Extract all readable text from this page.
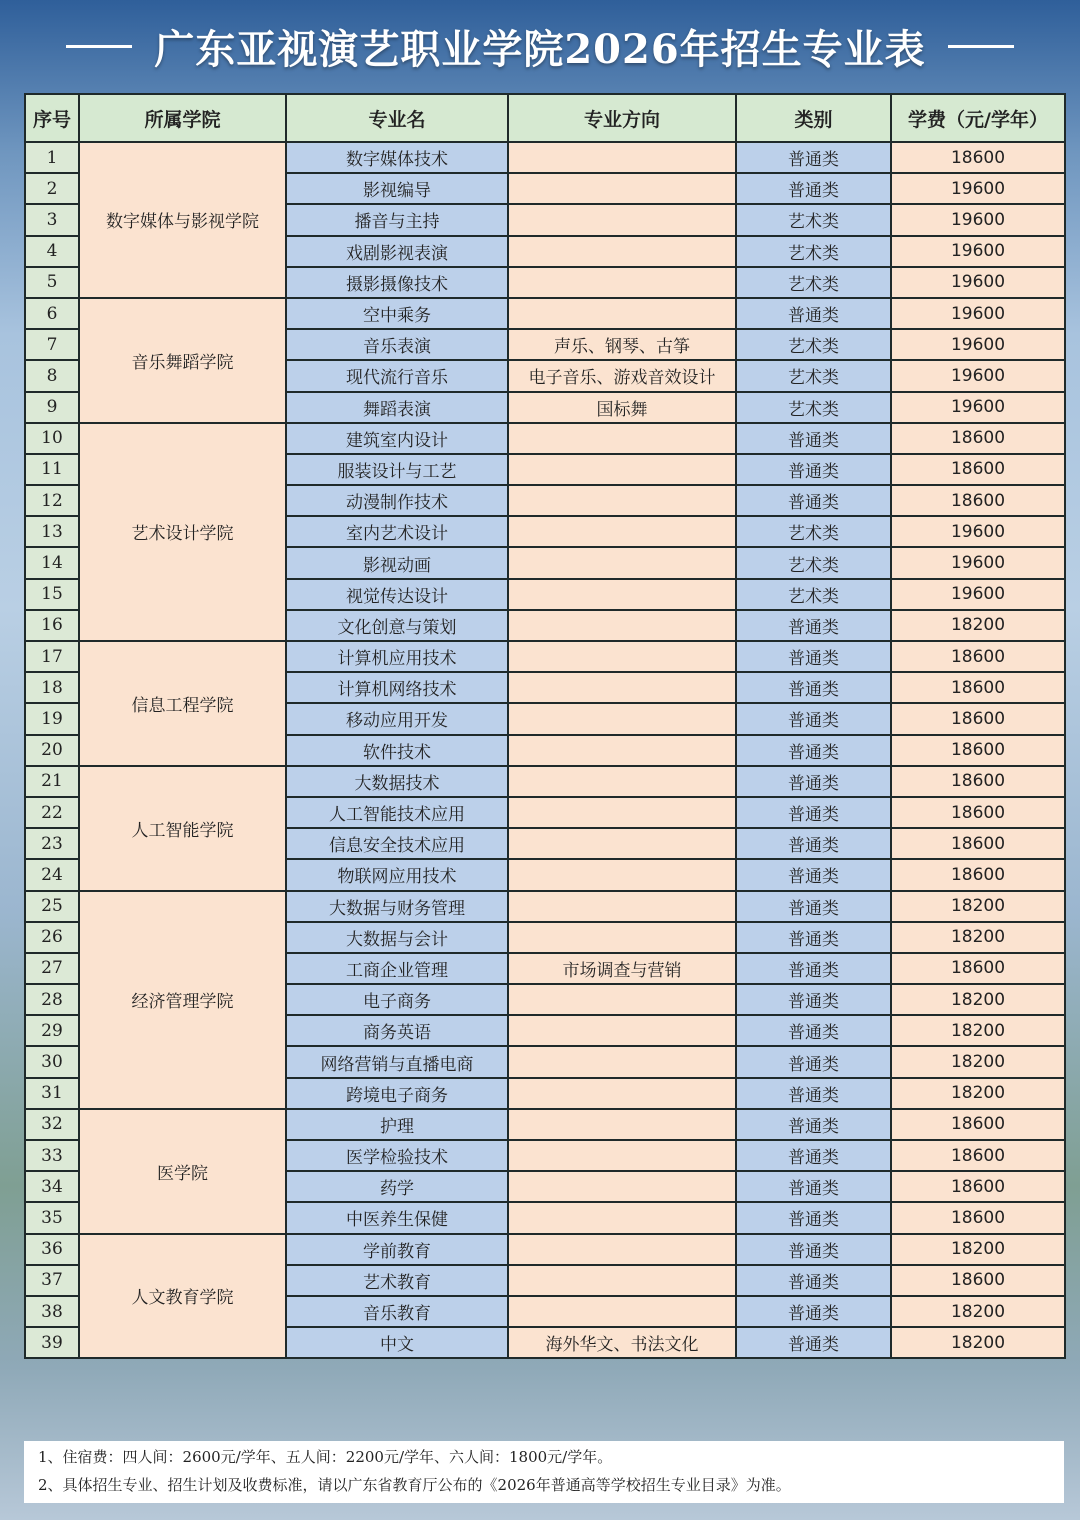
广东亚视演艺职业学院2026年招生专业表
序号	所属学院	专业名	专业方向	类别	学费（元/学年）
1	数字媒体与影视学院	数字媒体技术		普通类	18600
2		影视编导		普通类	19600
3		播音与主持		艺术类	19600
4		戏剧影视表演		艺术类	19600
5		摄影摄像技术		艺术类	19600
6	音乐舞蹈学院	空中乘务		普通类	19600
7		音乐表演	声乐、钢琴、古筝	艺术类	19600
8		现代流行音乐	电子音乐、游戏音效设计	艺术类	19600
9		舞蹈表演	国标舞	艺术类	19600
10	艺术设计学院	建筑室内设计		普通类	18600
11		服装设计与工艺		普通类	18600
12		动漫制作技术		普通类	18600
13		室内艺术设计		艺术类	19600
14		影视动画		艺术类	19600
15		视觉传达设计		艺术类	19600
16		文化创意与策划		普通类	18200
17	信息工程学院	计算机应用技术		普通类	18600
18		计算机网络技术		普通类	18600
19		移动应用开发		普通类	18600
20		软件技术		普通类	18600
21	人工智能学院	大数据技术		普通类	18600
22		人工智能技术应用		普通类	18600
23		信息安全技术应用		普通类	18600
24		物联网应用技术		普通类	18600
25	经济管理学院	大数据与财务管理		普通类	18200
26		大数据与会计		普通类	18200
27		工商企业管理	市场调查与营销	普通类	18600
28		电子商务		普通类	18200
29		商务英语		普通类	18200
30		网络营销与直播电商		普通类	18200
31		跨境电子商务		普通类	18200
32	医学院	护理		普通类	18600
33		医学检验技术		普通类	18600
34		药学		普通类	18600
35		中医养生保健		普通类	18600
36	人文教育学院	学前教育		普通类	18200
37		艺术教育		普通类	18600
38		音乐教育		普通类	18200
39		中文	海外华文、书法文化	普通类	18200
1、住宿费：四人间：2600元/学年、五人间：2200元/学年、六人间：1800元/学年。
2、具体招生专业、招生计划及收费标准，请以广东省教育厅公布的《2026年普通高等学校招生专业目录》为准。
